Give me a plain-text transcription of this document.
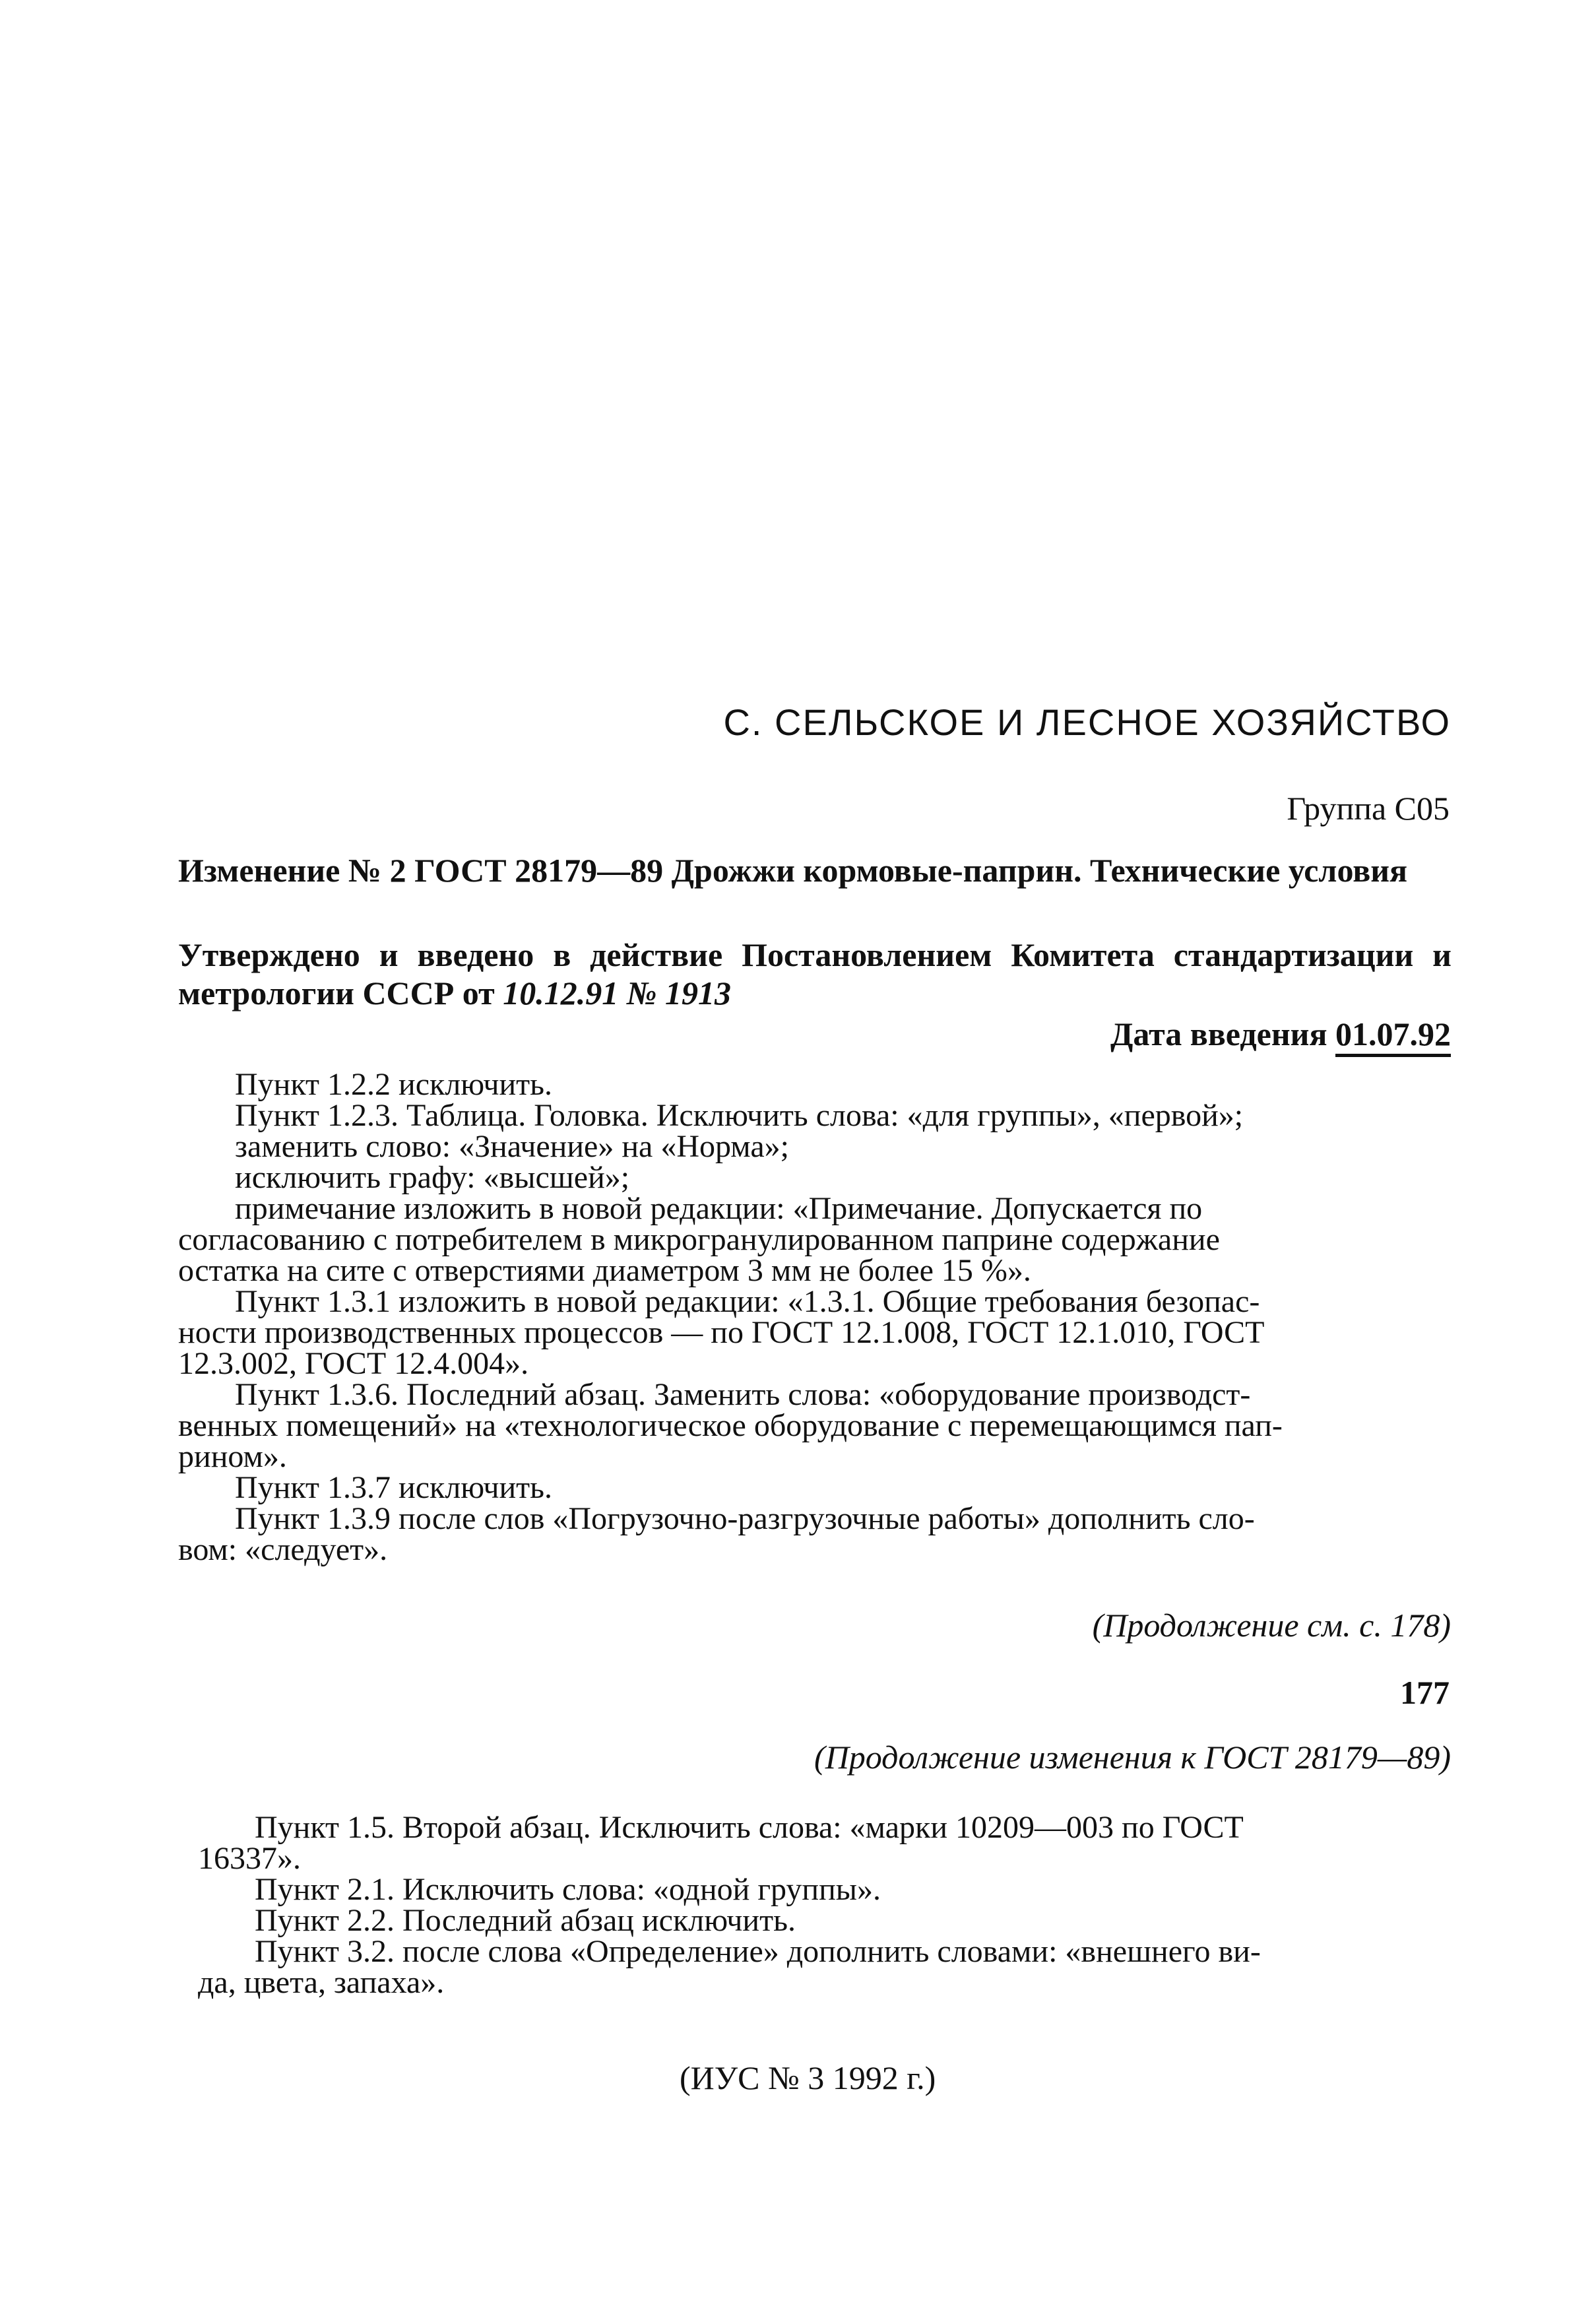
С. СЕЛЬСКОЕ И ЛЕСНОЕ ХОЗЯЙСТВО
Группа С05
Изменение № 2 ГОСТ 28179—89 Дрожжи кормовые-паприн. Технические условия
Утверждено и введено в действие Постановлением Комитета стандартизации и метрологии СССР от 10.12.91 № 1913
Дата введения 01.07.92

Пункт 1.2.2 исключить.

Пункт 1.2.3. Таблица. Головка. Исключить слова: «для группы», «первой»;

заменить слово: «Значение» на «Норма»;

исключить графу: «высшей»;

примечание изложить в новой редакции: «Примечание. Допускается по

согласованию с потребителем в микрогранулированном паприне содержание

остатка на сите с отверстиями диаметром 3 мм не более 15 %».

Пункт 1.3.1 изложить в новой редакции: «1.3.1. Общие требования безопас-

ности производственных процессов — по ГОСТ 12.1.008, ГОСТ 12.1.010, ГОСТ

12.3.002, ГОСТ 12.4.004».

Пункт 1.3.6. Последний абзац. Заменить слова: «оборудование производст-

венных помещений» на «технологическое оборудование с перемещающимся пап-

рином».

Пункт 1.3.7 исключить.

Пункт 1.3.9 после слов «Погрузочно-разгрузочные работы» дополнить сло-

вом: «следует».

(Продолжение см. с. 178)
177
(Продолжение изменения к ГОСТ 28179—89)

Пункт 1.5. Второй абзац. Исключить слова: «марки 10209—003 по ГОСТ

16337».

Пункт 2.1. Исключить слова: «одной группы».

Пункт 2.2. Последний абзац исключить.

Пункт 3.2. после слова «Определение» дополнить словами: «внешнего ви-

да, цвета, запаха».

(ИУС № 3 1992 г.)
